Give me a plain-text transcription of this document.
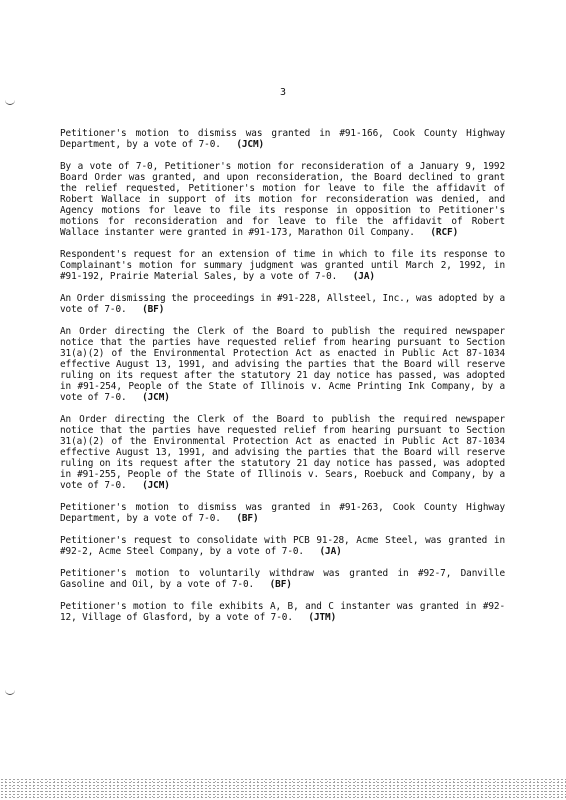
3

Petitioner's motion to dismiss was granted in #91-166, Cook County Highway Department, by a vote of 7-0. (JCM)

By a vote of 7-0, Petitioner's motion for reconsideration of a January 9, 1992 Board Order was granted, and upon reconsideration, the Board declined to grant the relief requested, Petitioner's motion for leave to file the affidavit of Robert Wallace in support of its motion for reconsideration was denied, and Agency motions for leave to file its response in opposition to Petitioner's motions for reconsideration and for leave to file the affidavit of Robert Wallace instanter were granted in #91-173, Marathon Oil Company. (RCF)

Respondent's request for an extension of time in which to file its response to Complainant's motion for summary judgment was granted until March 2, 1992, in #91-192, Prairie Material Sales, by a vote of 7-0. (JA)

An Order dismissing the proceedings in #91-228, Allsteel, Inc., was adopted by a vote of 7-0. (BF)

An Order directing the Clerk of the Board to publish the required newspaper notice that the parties have requested relief from hearing pursuant to Section 31(a)(2) of the Environmental Protection Act as enacted in Public Act 87-1034 effective August 13, 1991, and advising the parties that the Board will reserve ruling on its request after the statutory 21 day notice has passed, was adopted in #91-254, People of the State of Illinois v. Acme Printing Ink Company, by a vote of 7-0. (JCM)

An Order directing the Clerk of the Board to publish the required newspaper notice that the parties have requested relief from hearing pursuant to Section 31(a)(2) of the Environmental Protection Act as enacted in Public Act 87-1034 effective August 13, 1991, and advising the parties that the Board will reserve ruling on its request after the statutory 21 day notice has passed, was adopted in #91-255, People of the State of Illinois v. Sears, Roebuck and Company, by a vote of 7-0. (JCM)

Petitioner's motion to dismiss was granted in #91-263, Cook County Highway Department, by a vote of 7-0. (BF)

Petitioner's request to consolidate with PCB 91-28, Acme Steel, was granted in #92-2, Acme Steel Company, by a vote of 7-0. (JA)

Petitioner's motion to voluntarily withdraw was granted in #92-7, Danville Gasoline and Oil, by a vote of 7-0. (BF)

Petitioner's motion to file exhibits A, B, and C instanter was granted in #92-12, Village of Glasford, by a vote of 7-0. (JTM)
